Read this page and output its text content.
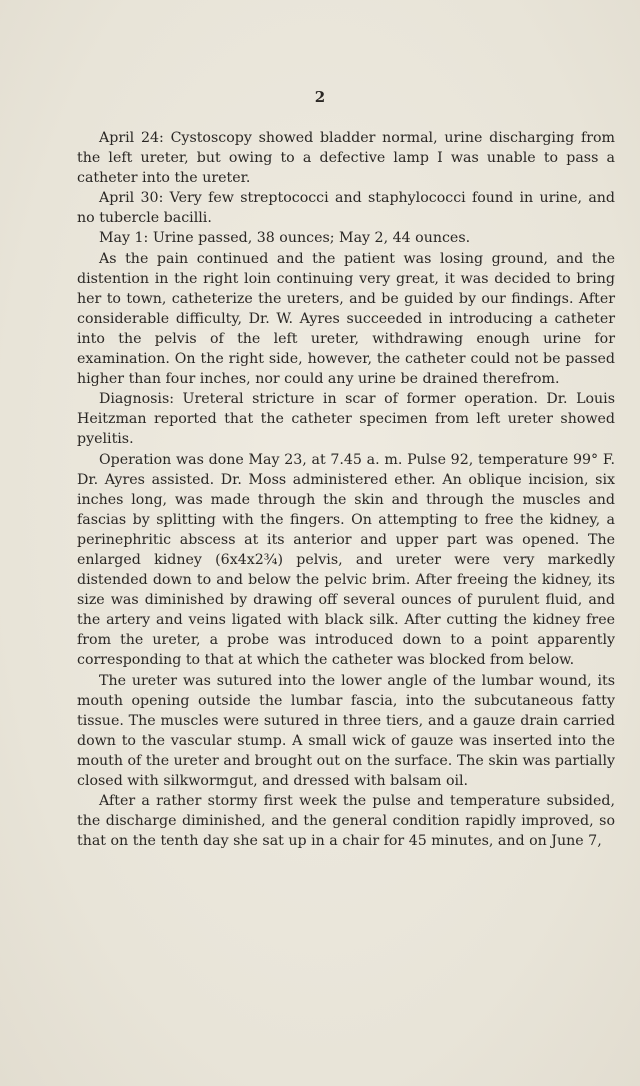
2

April 24: Cystoscopy showed bladder normal, urine discharging from the left ureter, but owing to a defective lamp I was unable to pass a catheter into the ureter.

April 30: Very few streptococci and staphylococci found in urine, and no tubercle bacilli.

May 1: Urine passed, 38 ounces; May 2, 44 ounces.

As the pain continued and the patient was losing ground, and the distention in the right loin continuing very great, it was decided to bring her to town, catheterize the ureters, and be guided by our findings. After considerable difficulty, Dr. W. Ayres succeeded in introducing a catheter into the pelvis of the left ureter, withdrawing enough urine for examination. On the right side, however, the catheter could not be passed higher than four inches, nor could any urine be drained therefrom.

Diagnosis: Ureteral stricture in scar of former operation. Dr. Louis Heitzman reported that the catheter specimen from left ureter showed pyelitis.

Operation was done May 23, at 7.45 a. m. Pulse 92, temperature 99° F. Dr. Ayres assisted. Dr. Moss administered ether. An oblique incision, six inches long, was made through the skin and through the muscles and fascias by splitting with the fingers. On attempting to free the kidney, a perinephritic abscess at its anterior and upper part was opened. The enlarged kidney (6x4x2¾) pelvis, and ureter were very markedly distended down to and below the pelvic brim. After freeing the kidney, its size was diminished by drawing off several ounces of purulent fluid, and the artery and veins ligated with black silk. After cutting the kidney free from the ureter, a probe was introduced down to a point apparently corresponding to that at which the catheter was blocked from below.

The ureter was sutured into the lower angle of the lumbar wound, its mouth opening outside the lumbar fascia, into the subcutaneous fatty tissue. The muscles were sutured in three tiers, and a gauze drain carried down to the vascular stump. A small wick of gauze was inserted into the mouth of the ureter and brought out on the surface. The skin was partially closed with silkwormgut, and dressed with balsam oil.

After a rather stormy first week the pulse and temperature subsided, the discharge diminished, and the general condition rapidly improved, so that on the tenth day she sat up in a chair for 45 minutes, and on June 7,
